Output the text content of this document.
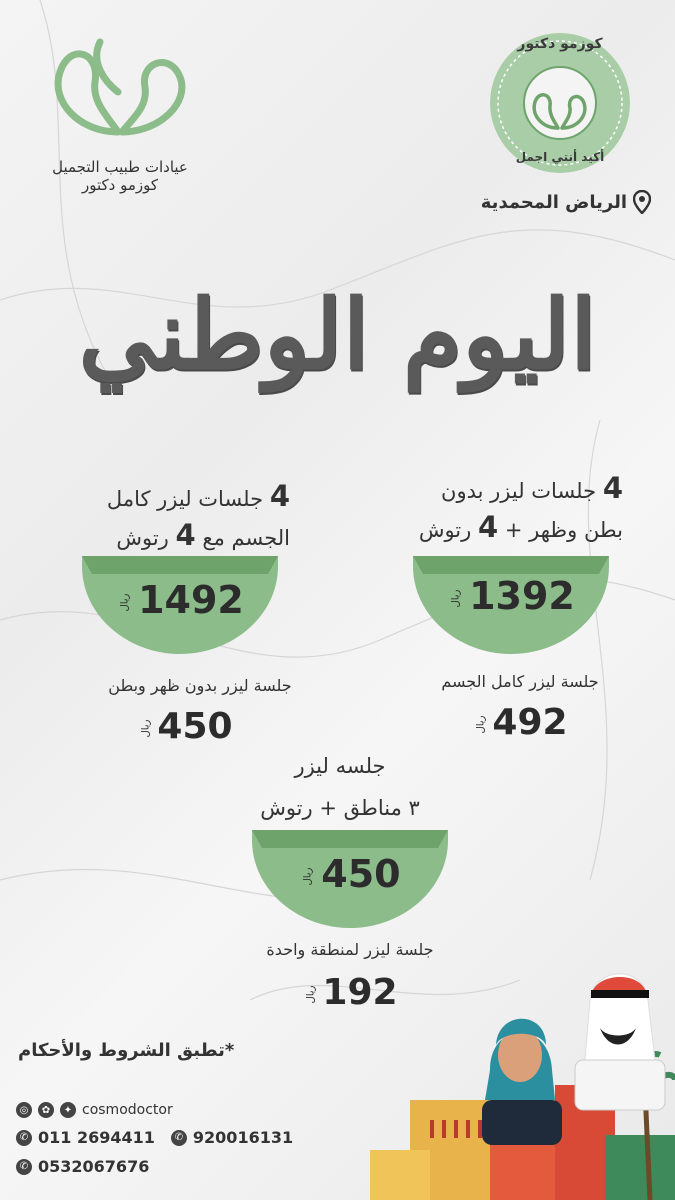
عيادات طبيب التجميل
كوزمو دكتور
كوزمو دكتور
أكيد أنتي اجمل
الرياض المحمدية
اليوم الوطني
4 جلسات ليزر بدون
بطن وظهر + 4 رتوش
ريال 1392
جلسة ليزر كامل الجسم
ريال 492
4 جلسات ليزر كامل
الجسم مع 4 رتوش
ريال 1492
جلسة ليزر بدون ظهر وبطن
ريال 450
جلسه ليزر
٣ مناطق + رتوش
ريال 450
جلسة ليزر لمنطقة واحدة
ريال 192
*تطبق الشروط والأحكام
◎	✿	✦ cosmodoctor
✆ 011 2694411	✆ 920016131
✆ 0532067676
